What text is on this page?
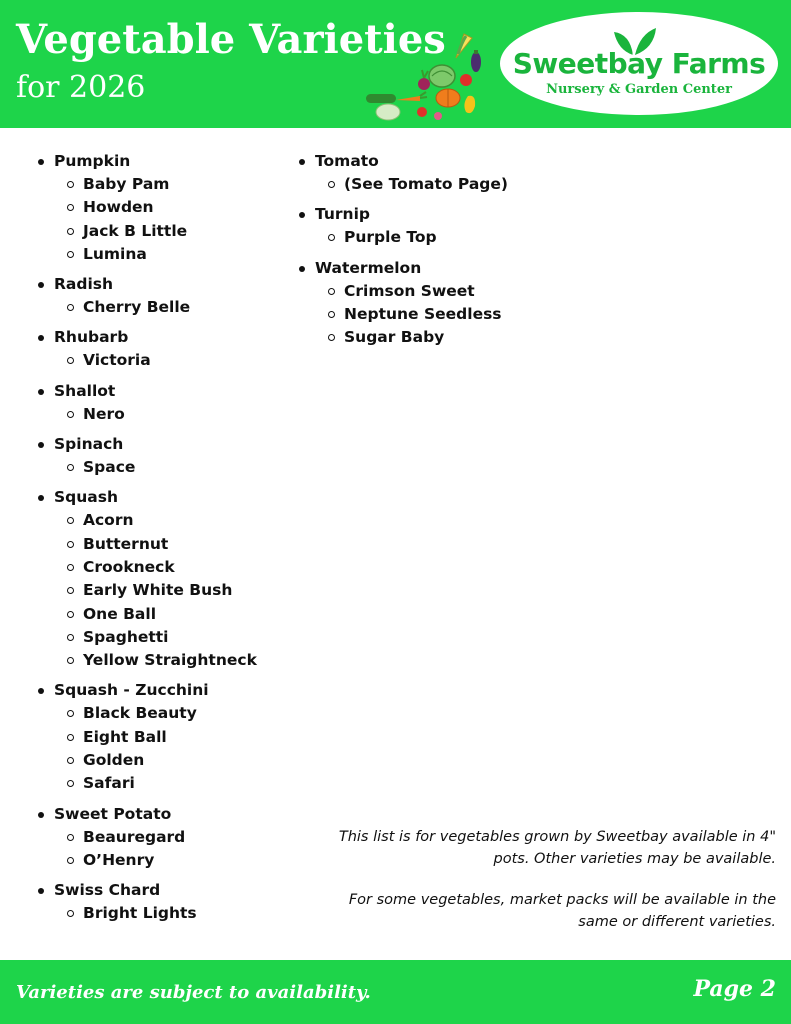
Vegetable Varieties
for 2026
Sweetbay Farms
Nursery & Garden Center
Pumpkin
Baby Pam
Howden
Jack B Little
Lumina
Radish
Cherry Belle
Rhubarb
Victoria
Shallot
Nero
Spinach
Space
Squash
Acorn
Butternut
Crookneck
Early White Bush
One Ball
Spaghetti
Yellow Straightneck
Squash - Zucchini
Black Beauty
Eight Ball
Golden
Safari
Sweet Potato
Beauregard
O’Henry
Swiss Chard
Bright Lights
Tomato
(See Tomato Page)
Turnip
Purple Top
Watermelon
Crimson Sweet
Neptune Seedless
Sugar Baby

This list is for vegetables grown by Sweetbay available in 4" pots. Other varieties may be available.

For some vegetables, market packs will be available in the same or different varieties.

Varieties are subject to availability.	Page 2
